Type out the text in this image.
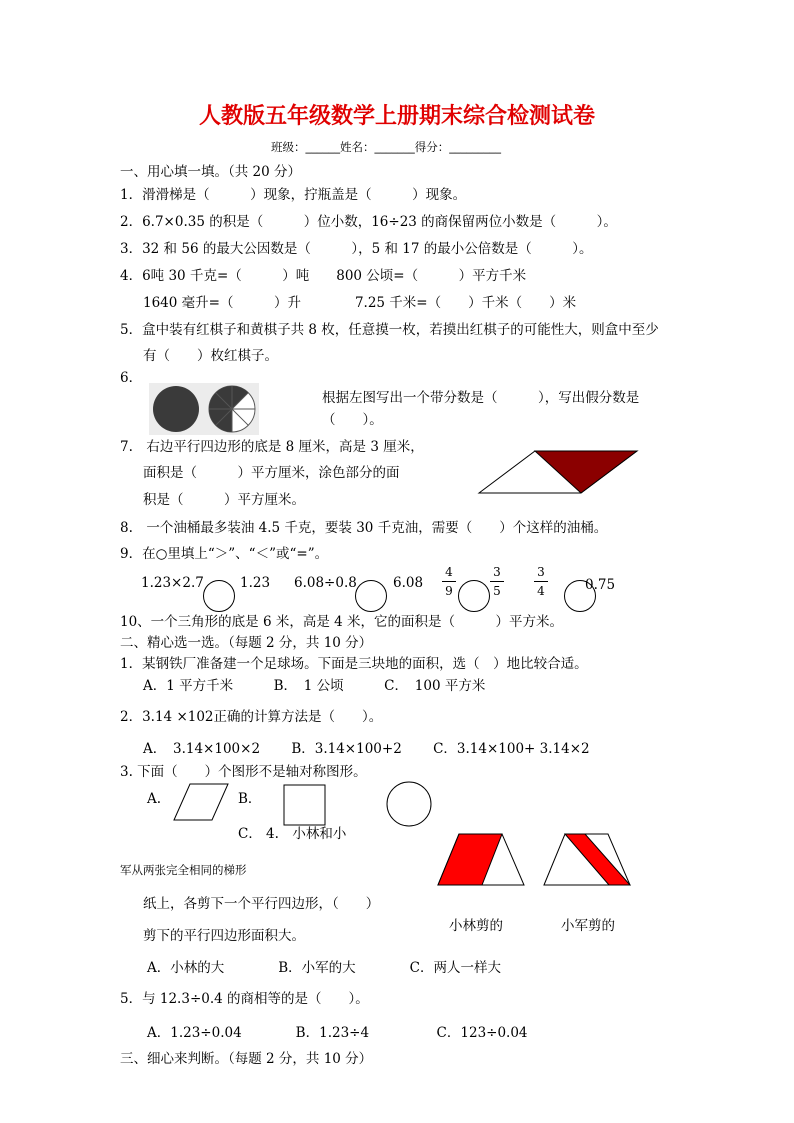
人教版五年级数学上册期末综合检测试卷
班级：______姓名：_______得分：_________
一、用心填一填。（共 20 分）
1．滑滑梯是（　　　）现象，拧瓶盖是（　　　）现象。
2．6.7×0.35 的积是（　　　）位小数，16÷23 的商保留两位小数是（　　　）。
3．32 和 56 的最大公因数是（　　　），5 和 17 的最小公倍数是（　　　）。
4．6吨 30 千克=（　　　）吨　　800 公顷=（　　　）平方千米
1640 毫升=（　　　）升　　　　7.25 千米=（　　）千米（　　）米
5．盒中装有红棋子和黄棋子共 8 枚，任意摸一枚，若摸出红棋子的可能性大，则盒中至少
有（　　）枚红棋子。
6．
根据左图写出一个带分数是（　　　），写出假分数是
（　　）。
7.　右边平行四边形的底是 8 厘米，高是 3 厘米，
面积是（　　　）平方厘米，涂色部分的面
积是（　　　）平方厘米。
8.　一个油桶最多装油 4.5 千克，要装 30 千克油，需要（　　）个这样的油桶。
9．在○里填上“＞”、“＜”或“=”。
1.23×2.7	1.23 6.08÷0.8	6.08
4
9
3
5
3
4	0.75
10、一个三角形的底是 6 米，高是 4 米，它的面积是（　　　）平方米。
二、精心选一选。（每题 2 分，共 10 分）
1．某钢铁厂准备建一个足球场。下面是三块地的面积，选（　）地比较合适。
A．1 平方千米　　　B．　1 公顷　　　C．　100 平方米
2．3.14 ×102正确的计算方法是（　　）。
A．　3.14×100×2　　 B．3.14×100+2　　 C．3.14×100+ 3.14×2
3. 下面（　　）个图形不是轴对称图形。
A.	B．
C． 4.　小林和小
军从两张完全相同的梯形
纸上，各剪下一个平行四边形，（　　）
小林剪的	小军剪的
剪下的平行四边形面积大。
A．小林的大　　　　B．小军的大　　　　C．两人一样大
5．与 12.3÷0.4 的商相等的是（　　）。
A．1.23÷0.04　　　　B．1.23÷4　　　　　C．123÷0.04
三、细心来判断。（每题 2 分，共 10 分）
